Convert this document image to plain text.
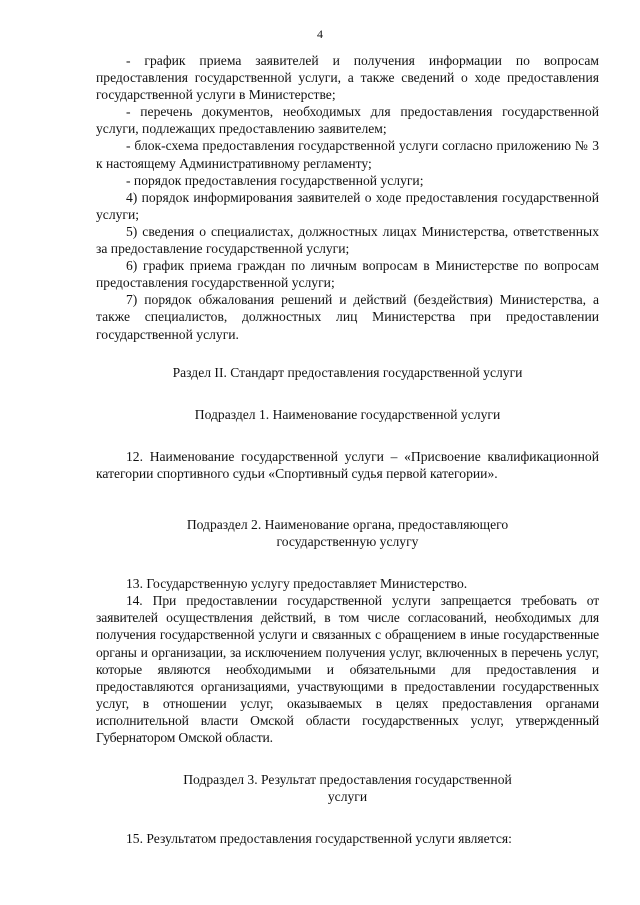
4

- график приема заявителей и получения информации по вопросам предоставления государственной услуги, а также сведений о ходе предоставления государственной услуги в Министерстве;

- перечень документов, необходимых для предоставления государственной услуги, подлежащих предоставлению заявителем;

- блок-схема предоставления государственной услуги согласно приложению № 3 к настоящему Административному регламенту;

- порядок предоставления государственной услуги;

4) порядок информирования заявителей о ходе предоставления государственной услуги;

5) сведения о специалистах, должностных лицах Министерства, ответственных за предоставление государственной услуги;

6) график приема граждан по личным вопросам в Министерстве по вопросам предоставления государственной услуги;

7) порядок обжалования решений и действий (бездействия) Министерства, а также специалистов, должностных лиц Министерства при предоставлении государственной услуги.

Раздел II. Стандарт предоставления государственной услуги

Подраздел 1. Наименование государственной услуги

12. Наименование государственной услуги – «Присвоение квалификационной категории спортивного судьи «Спортивный судья первой категории».

Подраздел 2. Наименование органа, предоставляющего
государственную услугу

13. Государственную услугу предоставляет Министерство.

14. При предоставлении государственной услуги запрещается требовать от заявителей осуществления действий, в том числе согласований, необходимых для получения государственной услуги и связанных с обращением в иные государственные органы и организации, за исключением получения услуг, включенных в перечень услуг, которые являются необходимыми и обязательными для предоставления и предоставляются организациями, участвующими в предоставлении государственных услуг, в отношении услуг, оказываемых в целях предоставления органами исполнительной власти Омской области государственных услуг, утвержденный Губернатором Омской области.

Подраздел 3. Результат предоставления государственной
услуги

15. Результатом предоставления государственной услуги является:
